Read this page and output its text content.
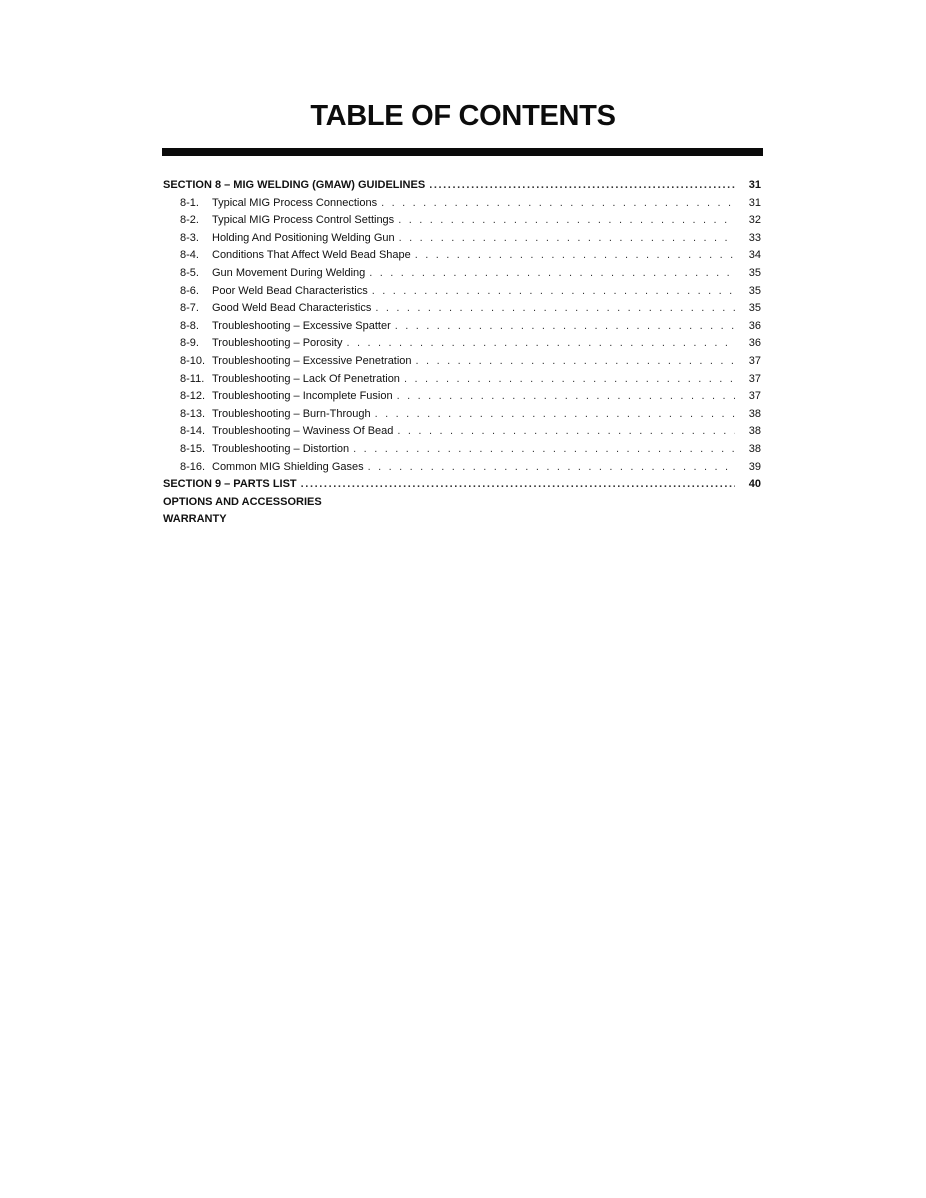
TABLE OF CONTENTS
SECTION 8 – MIG WELDING (GMAW) GUIDELINES .....	31
8-1.	Typical MIG Process Connections . . .	31
8-2.	Typical MIG Process Control Settings . . .	32
8-3.	Holding And Positioning Welding Gun . . .	33
8-4.	Conditions That Affect Weld Bead Shape . . .	34
8-5.	Gun Movement During Welding . . .	35
8-6.	Poor Weld Bead Characteristics . . .	35
8-7.	Good Weld Bead Characteristics . . .	35
8-8.	Troubleshooting – Excessive Spatter . . .	36
8-9.	Troubleshooting – Porosity . . .	36
8-10. Troubleshooting – Excessive Penetration . . .	37
8-11. Troubleshooting – Lack Of Penetration . . .	37
8-12. Troubleshooting – Incomplete Fusion . . .	37
8-13. Troubleshooting – Burn-Through . . .	38
8-14. Troubleshooting – Waviness Of Bead . . .	38
8-15. Troubleshooting – Distortion . . .	38
8-16. Common MIG Shielding Gases . . .	39
SECTION 9 – PARTS LIST .....	40
OPTIONS AND ACCESSORIES
WARRANTY
